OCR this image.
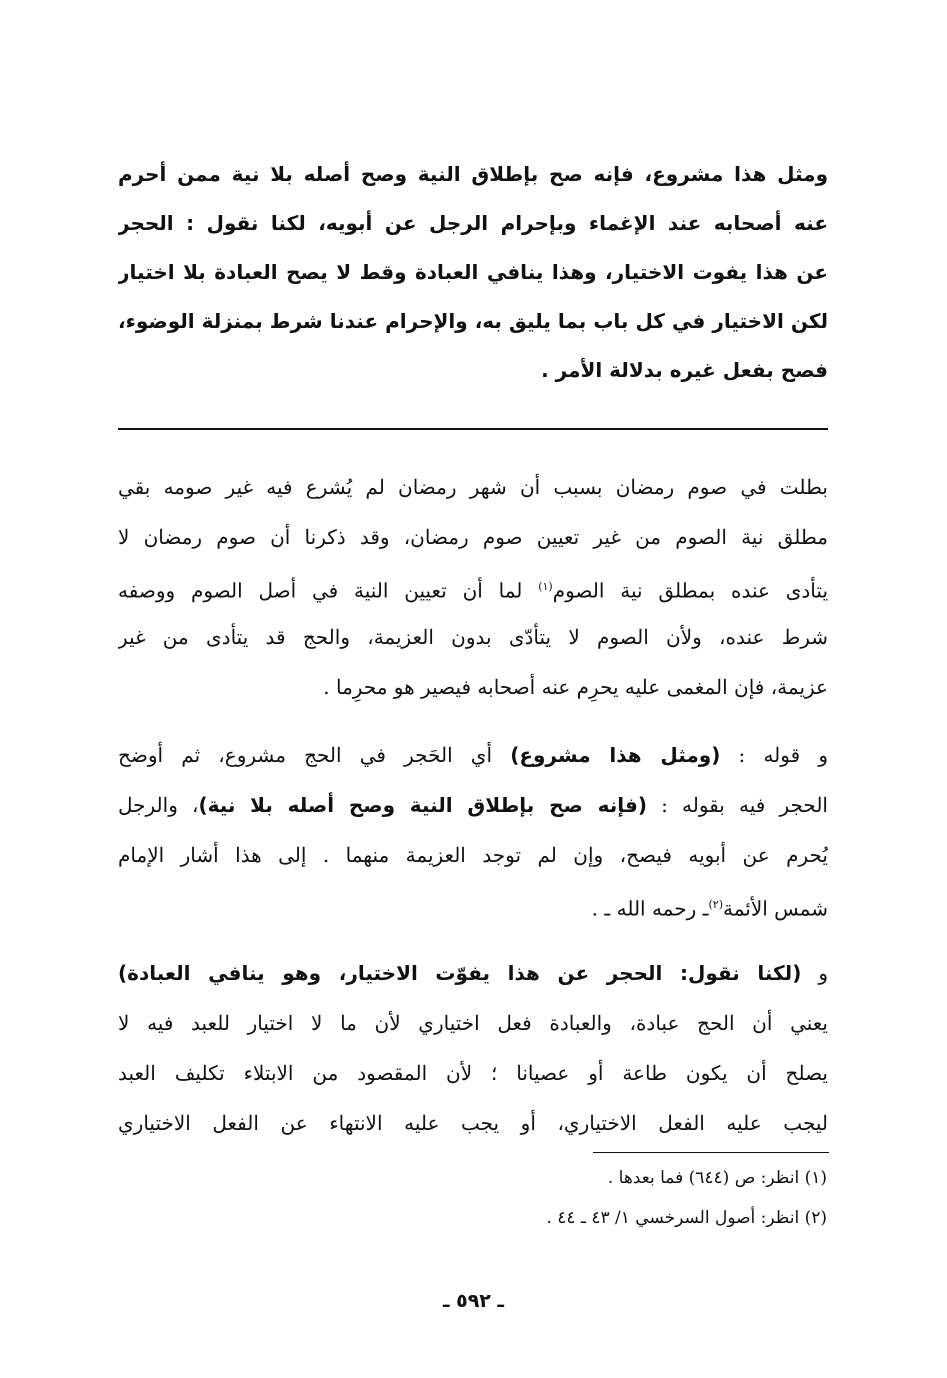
ومثل هذا مشروع، فإنه صح بإطلاق النية وصح أصله بلا نية ممن أحرم
عنه أصحابه عند الإغماء وبإحرام الرجل عن أبويه، لكنا نقول : الحجر
عن هذا يفوت الاختيار، وهذا ينافي العبادة وقط لا يصح العبادة بلا اختيار
لكن الاختيار في كل باب بما يليق به، والإحرام عندنا شرط بمنزلة الوضوء،
فصح بفعل غيره بدلالة الأمر .
بطلت في صوم رمضان بسبب أن شهر رمضان لم يُشرع فيه غير صومه بقي
مطلق نية الصوم من غير تعيين صوم رمضان، وقد ذكرنا أن صوم رمضان لا
يتأدى عنده بمطلق نية الصوم$^{(١)}$ لما أن تعيين النية في أصل الصوم ووصفه
شرط عنده، ولأن الصوم لا يتأدّى بدون العزيمة، والحج قد يتأدى من غير
عزيمة، فإن المغمى عليه يحرِم عنه أصحابه فيصير هو محرِما .
و قوله : (ومثل هذا مشروع) أي الحَجر في الحج مشروع، ثم أوضح
الحجر فيه بقوله : (فإنه صح بإطلاق النية وصح أصله بلا نية)، والرجل
يُحرم عن أبويه فيصح، وإن لم توجد العزيمة منهما . إلى هذا أشار الإمام
شمس الأئمة$^{(٢)}$ـ رحمه الله ـ .
و (لكنا نقول: الحجر عن هذا يفوّت الاختيار، وهو ينافي العبادة)
يعني أن الحج عبادة، والعبادة فعل اختياري لأن ما لا اختيار للعبد فيه لا
يصلح أن يكون طاعة أو عصيانا ؛ لأن المقصود من الابتلاء تكليف العبد
ليجب عليه الفعل الاختياري، أو يجب عليه الانتهاء عن الفعل الاختياري
(١) انظر: ص (٦٤٤) فما بعدها .
(٢) انظر: أصول السرخسي ١/ ٤٣ ـ ٤٤ .
ـ ٥٩٢ ـ
